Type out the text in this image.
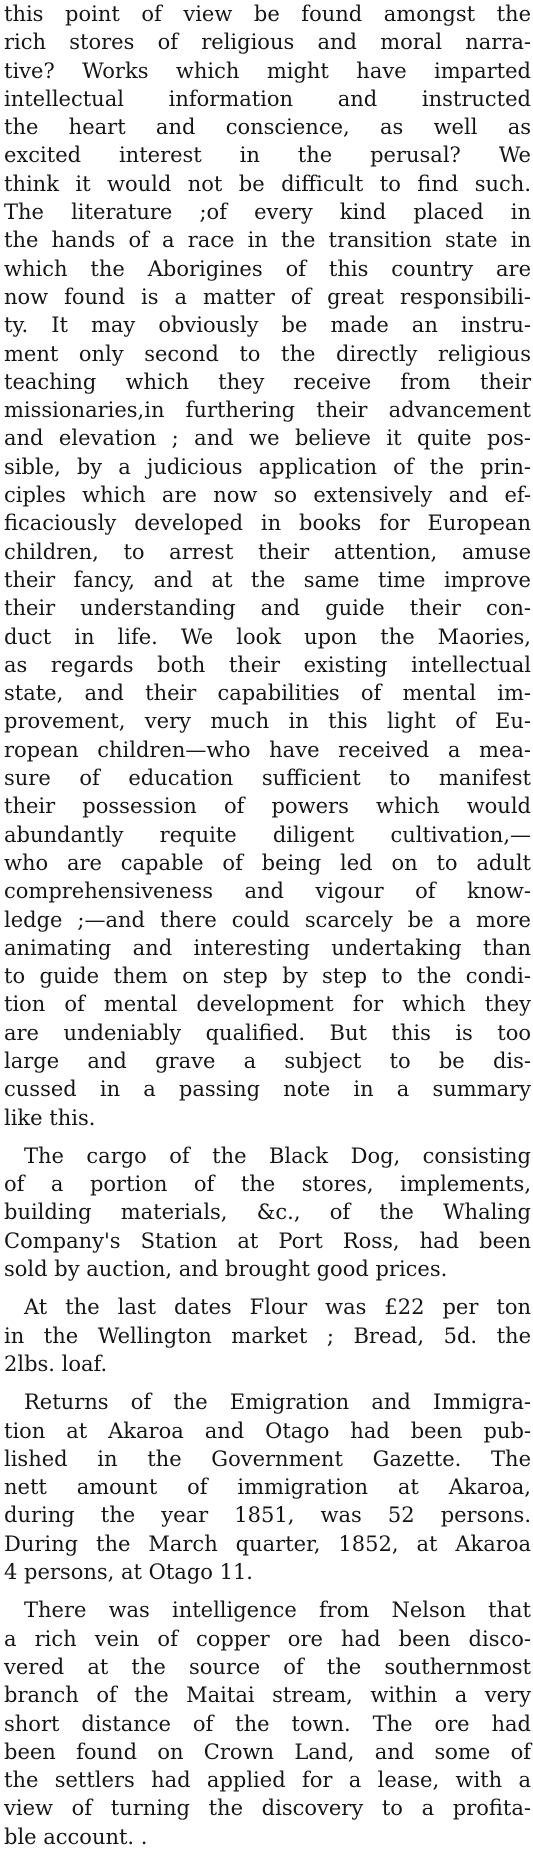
this point of view be found amongst the
rich stores of religious and moral narra-
tive? Works which might have imparted
intellectual information and instructed
the heart and conscience, as well as
excited interest in the perusal? We
think it would not be difficult to find such.
The literature ;of every kind placed in
the hands of a race in the transition state in
which the Aborigines of this country are
now found is a matter of great responsibili-
ty. It may obviously be made an instru-
ment only second to the directly religious
teaching which they receive from their
missionaries,in furthering their advancement
and elevation ; and we believe it quite pos-
sible, by a judicious application of the prin-
ciples which are now so extensively and ef-
ficaciously developed in books for European
children, to arrest their attention, amuse
their fancy, and at the same time improve
their understanding and guide their con-
duct in life. We look upon the Maories,
as regards both their existing intellectual
state, and their capabilities of mental im-
provement, very much in this light of Eu-
ropean children—who have received a mea-
sure of education sufficient to manifest
their possession of powers which would
abundantly requite diligent cultivation,—
who are capable of being led on to adult
comprehensiveness and vigour of know-
ledge ;—and there could scarcely be a more
animating and interesting undertaking than
to guide them on step by step to the condi-
tion of mental development for which they
are undeniably qualified. But this is too
large and grave a subject to be dis-
cussed in a passing note in a summary
like this.
The cargo of the Black Dog, consisting
of a portion of the stores, implements,
building materials, &c., of the Whaling
Company's Station at Port Ross, had been
sold by auction, and brought good prices.
At the last dates Flour was £22 per ton
in the Wellington market ; Bread, 5d. the
2lbs. loaf.
Returns of the Emigration and Immigra-
tion at Akaroa and Otago had been pub-
lished in the Government Gazette. The
nett amount of immigration at Akaroa,
during the year 1851, was 52 persons.
During the March quarter, 1852, at Akaroa
4 persons, at Otago 11.
There was intelligence from Nelson that
a rich vein of copper ore had been disco-
vered at the source of the southernmost
branch of the Maitai stream, within a very
short distance of the town. The ore had
been found on Crown Land, and some of
the settlers had applied for a lease, with a
view of turning the discovery to a profita-
ble account. .
